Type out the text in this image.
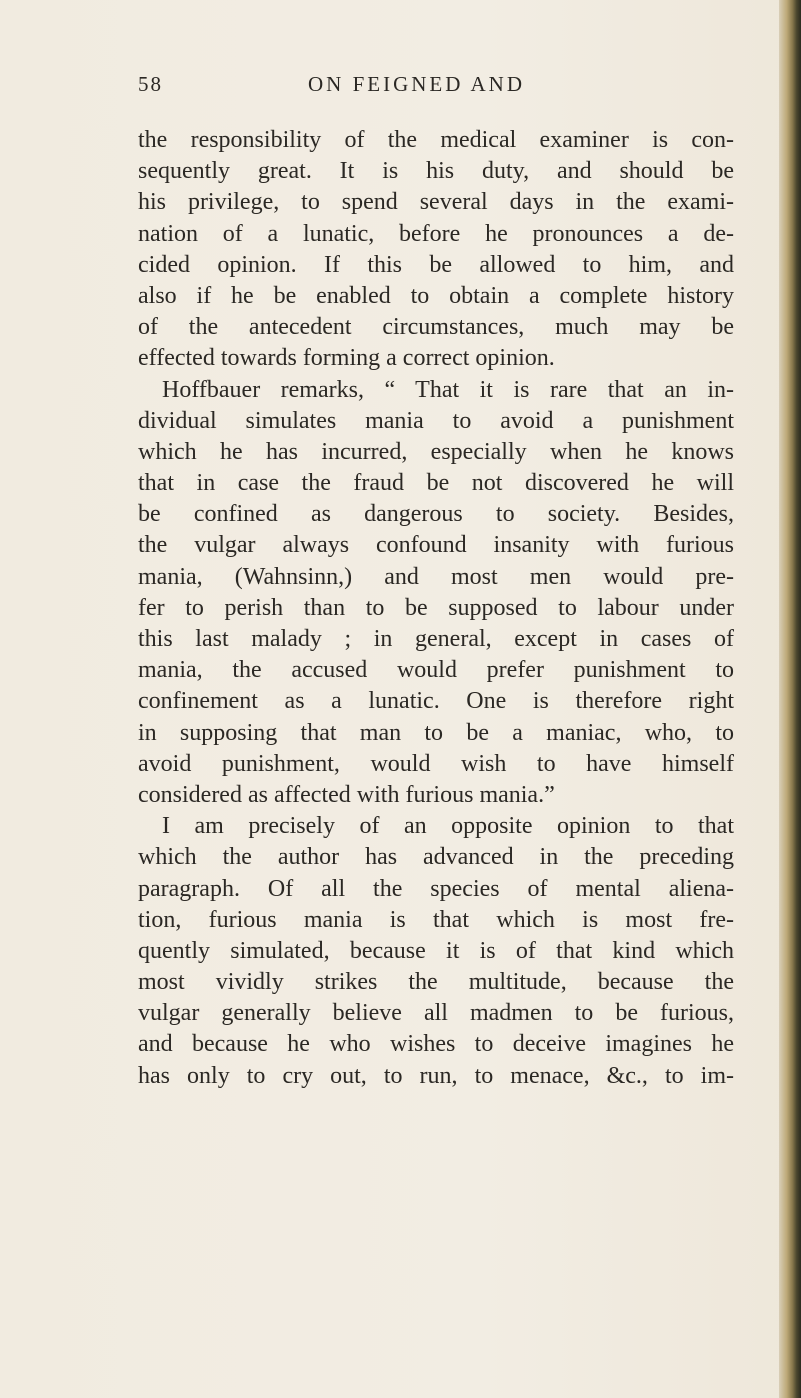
58	ON FEIGNED AND
the responsibility of the medical examiner is con-
sequently great. It is his duty, and should be
his privilege, to spend several days in the exami-
nation of a lunatic, before he pronounces a de-
cided opinion. If this be allowed to him, and
also if he be enabled to obtain a complete history
of the antecedent circumstances, much may be
effected towards forming a correct opinion.
Hoffbauer remarks, “ That it is rare that an in-
dividual simulates mania to avoid a punishment
which he has incurred, especially when he knows
that in case the fraud be not discovered he will
be confined as dangerous to society. Besides,
the vulgar always confound insanity with furious
mania, (Wahnsinn,) and most men would pre-
fer to perish than to be supposed to labour under
this last malady ; in general, except in cases of
mania, the accused would prefer punishment to
confinement as a lunatic. One is therefore right
in supposing that man to be a maniac, who, to
avoid punishment, would wish to have himself
considered as affected with furious mania.”
I am precisely of an opposite opinion to that
which the author has advanced in the preceding
paragraph. Of all the species of mental aliena-
tion, furious mania is that which is most fre-
quently simulated, because it is of that kind which
most vividly strikes the multitude, because the
vulgar generally believe all madmen to be furious,
and because he who wishes to deceive imagines he
has only to cry out, to run, to menace, &c., to im-
